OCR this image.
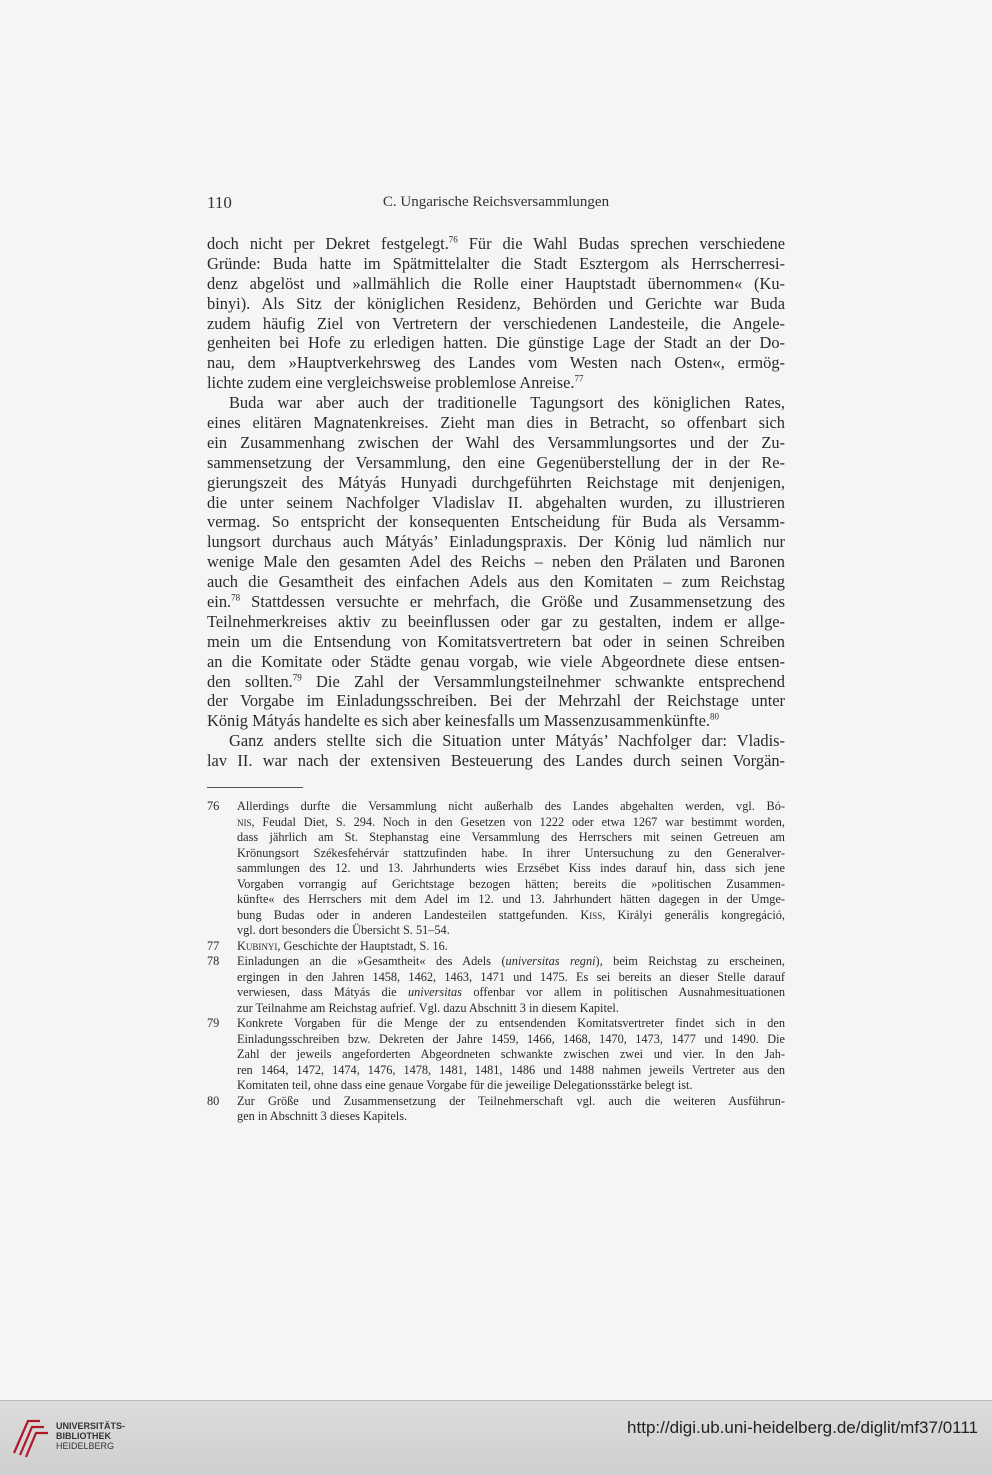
110	C. Ungarische Reichsversammlungen
doch nicht per Dekret festgelegt.$^{76}$ Für die Wahl Budas sprechen verschiedene
Gründe: Buda hatte im Spätmittelalter die Stadt Esztergom als Herrscherresi-
denz abgelöst und »allmählich die Rolle einer Hauptstadt übernommen« (Ku-
binyi). Als Sitz der königlichen Residenz, Behörden und Gerichte war Buda
zudem häufig Ziel von Vertretern der verschiedenen Landesteile, die Angele-
genheiten bei Hofe zu erledigen hatten. Die günstige Lage der Stadt an der Do-
nau, dem »Hauptverkehrsweg des Landes vom Westen nach Osten«, ermög-
lichte zudem eine vergleichsweise problemlose Anreise.$^{77}$
Buda war aber auch der traditionelle Tagungsort des königlichen Rates,
eines elitären Magnatenkreises. Zieht man dies in Betracht, so offenbart sich
ein Zusammenhang zwischen der Wahl des Versammlungsortes und der Zu-
sammensetzung der Versammlung, den eine Gegenüberstellung der in der Re-
gierungszeit des Mátyás Hunyadi durchgeführten Reichstage mit denjenigen,
die unter seinem Nachfolger Vladislav II. abgehalten wurden, zu illustrieren
vermag. So entspricht der konsequenten Entscheidung für Buda als Versamm-
lungsort durchaus auch Mátyás’ Einladungspraxis. Der König lud nämlich nur
wenige Male den gesamten Adel des Reichs – neben den Prälaten und Baronen
auch die Gesamtheit des einfachen Adels aus den Komitaten – zum Reichstag
ein.$^{78}$ Stattdessen versuchte er mehrfach, die Größe und Zusammensetzung des
Teilnehmerkreises aktiv zu beeinflussen oder gar zu gestalten, indem er allge-
mein um die Entsendung von Komitatsvertretern bat oder in seinen Schreiben
an die Komitate oder Städte genau vorgab, wie viele Abgeordnete diese entsen-
den sollten.$^{79}$ Die Zahl der Versammlungsteilnehmer schwankte entsprechend
der Vorgabe im Einladungsschreiben. Bei der Mehrzahl der Reichstage unter
König Mátyás handelte es sich aber keinesfalls um Massenzusammenkünfte.$^{80}$
Ganz anders stellte sich die Situation unter Mátyás’ Nachfolger dar: Vladis-
lav II. war nach der extensiven Besteuerung des Landes durch seinen Vorgän-
76 Allerdings durfte die Versammlung nicht außerhalb des Landes abgehalten werden, vgl. Bó-
nis, Feudal Diet, S. 294. Noch in den Gesetzen von 1222 oder etwa 1267 war bestimmt worden,
dass jährlich am St. Stephanstag eine Versammlung des Herrschers mit seinen Getreuen am
Krönungsort Székesfehérvár stattzufinden habe. In ihrer Untersuchung zu den Generalver-
sammlungen des 12. und 13. Jahrhunderts wies Erzsébet Kiss indes darauf hin, dass sich jene
Vorgaben vorrangig auf Gerichtstage bezogen hätten; bereits die »politischen Zusammen-
künfte« des Herrschers mit dem Adel im 12. und 13. Jahrhundert hätten dagegen in der Umge-
bung Budas oder in anderen Landesteilen stattgefunden. Kiss, Királyi generális kongregáció,
vgl. dort besonders die Übersicht S. 51–54.
77 Kubinyi, Geschichte der Hauptstadt, S. 16.
78 Einladungen an die »Gesamtheit« des Adels (universitas regni), beim Reichstag zu erscheinen,
ergingen in den Jahren 1458, 1462, 1463, 1471 und 1475. Es sei bereits an dieser Stelle darauf
verwiesen, dass Mátyás die universitas offenbar vor allem in politischen Ausnahmesituationen
zur Teilnahme am Reichstag aufrief. Vgl. dazu Abschnitt 3 in diesem Kapitel.
79 Konkrete Vorgaben für die Menge der zu entsendenden Komitatsvertreter findet sich in den
Einladungsschreiben bzw. Dekreten der Jahre 1459, 1466, 1468, 1470, 1473, 1477 und 1490. Die
Zahl der jeweils angeforderten Abgeordneten schwankte zwischen zwei und vier. In den Jah-
ren 1464, 1472, 1474, 1476, 1478, 1481, 1481, 1486 und 1488 nahmen jeweils Vertreter aus den
Komitaten teil, ohne dass eine genaue Vorgabe für die jeweilige Delegationsstärke belegt ist.
80 Zur Größe und Zusammensetzung der Teilnehmerschaft vgl. auch die weiteren Ausführun-
gen in Abschnitt 3 dieses Kapitels.
UNIVERSITÄTS-
BIBLIOTHEK
HEIDELBERG
http://digi.ub.uni-heidelberg.de/diglit/mf37/0111
